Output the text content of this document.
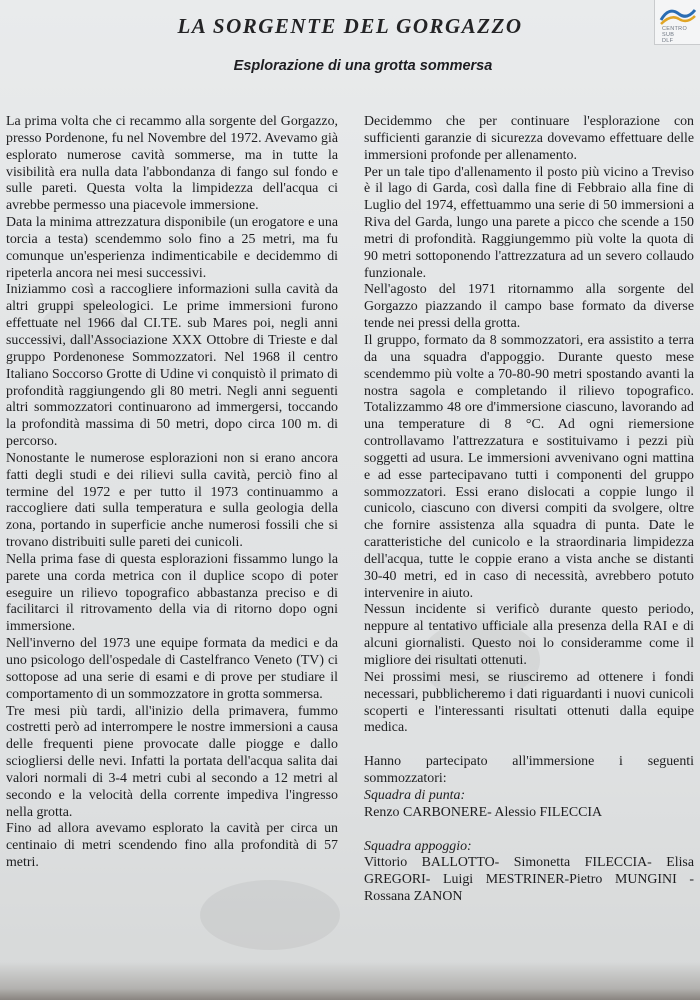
LA SORGENTE DEL GORGAZZO
Esplorazione di una grotta sommersa
CENTRO SUB
DLF

La prima volta che ci recammo alla sorgente del Gorgazzo, presso Pordenone, fu nel Novembre del 1972. Avevamo già esplorato numerose cavità sommerse, ma in tutte la visibilità era nulla data l'abbondanza di fango sul fondo e sulle pareti. Questa volta la limpidezza dell'acqua ci avrebbe permesso una piacevole immersione.

Data la minima attrezzatura disponibile (un erogatore e una torcia a testa) scendemmo solo fino a 25 metri, ma fu comunque un'esperienza indimenticabile e decidemmo di ripeterla ancora nei mesi successivi.

Iniziammo così a raccogliere informazioni sulla cavità da altri gruppi speleologici. Le prime immersioni furono effettuate nel 1966 dal CI.TE. sub Mares poi, negli anni successivi, dall'Associazione XXX Ottobre di Trieste e dal gruppo Pordenonese Sommozzatori. Nel 1968 il centro Italiano Soccorso Grotte di Udine vi conquistò il primato di profondità raggiungendo gli 80 metri. Negli anni seguenti altri sommozzatori continuarono ad immergersi, toccando la profondità massima di 50 metri, dopo circa 100 m. di percorso.

Nonostante le numerose esplorazioni non si erano ancora fatti degli studi e dei rilievi sulla cavità, perciò fino al termine del 1972 e per tutto il 1973 continuammo a raccogliere dati sulla temperatura e sulla geologia della zona, portando in superficie anche numerosi fossili che si trovano distribuiti sulle pareti dei cunicoli.

Nella prima fase di questa esplorazioni fissammo lungo la parete una corda metrica con il duplice scopo di poter eseguire un rilievo topografico abbastanza preciso e di facilitarci il ritrovamento della via di ritorno dopo ogni immersione.

Nell'inverno del 1973 une equipe formata da medici e da uno psicologo dell'ospedale di Castelfranco Veneto (TV) ci sottopose ad una serie di esami e di prove per studiare il comportamento di un sommozzatore in grotta sommersa.

Tre mesi più tardi, all'inizio della primavera, fummo costretti però ad interrompere le nostre immersioni a causa delle frequenti piene provocate dalle piogge e dallo sciogliersi delle nevi. Infatti la portata dell'acqua salita dai valori normali di 3-4 metri cubi al secondo a 12 metri al secondo e la velocità della corrente impediva l'ingresso nella grotta.

Fino ad allora avevamo esplorato la cavità per circa un centinaio di metri scendendo fino alla profondità di 57 metri.

Decidemmo che per continuare l'esplorazione con sufficienti garanzie di sicurezza dovevamo effettuare delle immersioni profonde per allenamento.

Per un tale tipo d'allenamento il posto più vicino a Treviso è il lago di Garda, così dalla fine di Febbraio alla fine di Luglio del 1974, effettuammo una serie di 50 immersioni a Riva del Garda, lungo una parete a picco che scende a 150 metri di profondità. Raggiungemmo più volte la quota di 90 metri sottoponendo l'attrezzatura ad un severo collaudo funzionale.

Nell'agosto del 1971 ritornammo alla sorgente del Gorgazzo piazzando il campo base formato da diverse tende nei pressi della grotta.

Il gruppo, formato da 8 sommozzatori, era assistito a terra da una squadra d'appoggio. Durante questo mese scendemmo più volte a 70-80-90 metri spostando avanti la nostra sagola e completando il rilievo topografico. Totalizzammo 48 ore d'immersione ciascuno, lavorando ad una temperature di 8 °C. Ad ogni riemersione controllavamo l'attrezzatura e sostituivamo i pezzi più soggetti ad usura. Le immersioni avvenivano ogni mattina e ad esse partecipavano tutti i componenti del gruppo sommozzatori. Essi erano dislocati a coppie lungo il cunicolo, ciascuno con diversi compiti da svolgere, oltre che fornire assistenza alla squadra di punta. Date le caratteristiche del cunicolo e la straordinaria limpidezza dell'acqua, tutte le coppie erano a vista anche se distanti 30-40 metri, ed in caso di necessità, avrebbero potuto intervenire in aiuto.

Nessun incidente si verificò durante questo periodo, neppure al tentativo ufficiale alla presenza della RAI e di alcuni giornalisti. Questo noi lo consideramme come il migliore dei risultati ottenuti.

Nei prossimi mesi, se riusciremo ad ottenere i fondi necessari, pubblicheremo i dati riguardanti i nuovi cunicoli scoperti e l'interessanti risultati ottenuti dalla equipe medica.

Hanno partecipato all'immersione i seguenti sommozzatori:

Squadra di punta:

Renzo CARBONERE- Alessio FILECCIA

Squadra appoggio:

Vittorio BALLOTTO- Simonetta FILECCIA- Elisa GREGORI- Luigi MESTRINER-Pietro MUNGINI - Rossana ZANON
